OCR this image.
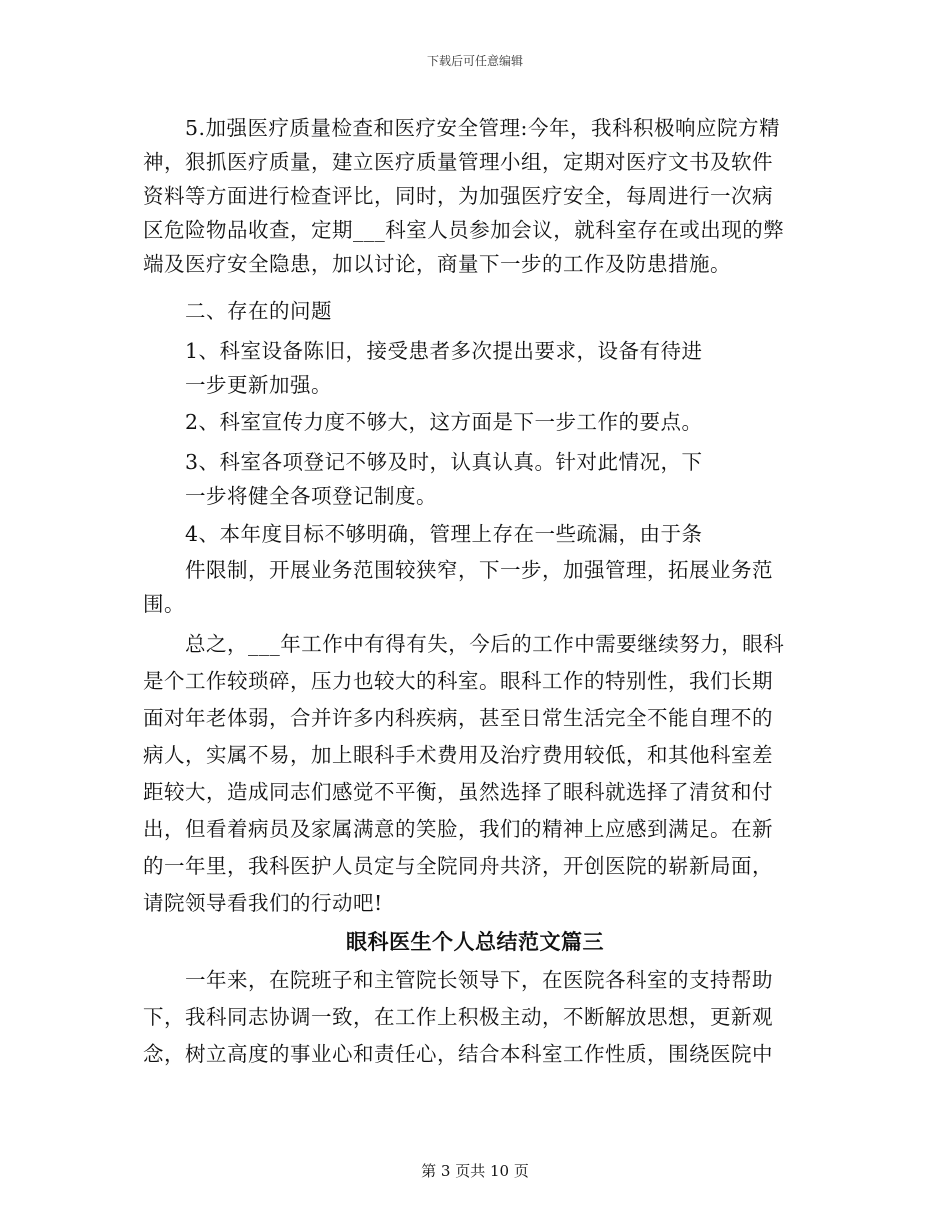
下载后可任意编辑
　　5.加强医疗质量检查和医疗安全管理:今年，我科积极响应院方精
神，狠抓医疗质量，建立医疗质量管理小组，定期对医疗文书及软件
资料等方面进行检查评比，同时，为加强医疗安全，每周进行一次病
区危险物品收查，定期___科室人员参加会议，就科室存在或出现的弊
端及医疗安全隐患，加以讨论，商量下一步的工作及防患措施。
　　二、存在的问题
　　1、科室设备陈旧，接受患者多次提出要求，设备有待进
　　一步更新加强。
　　2、科室宣传力度不够大，这方面是下一步工作的要点。
　　3、科室各项登记不够及时，认真认真。针对此情况，下
　　一步将健全各项登记制度。
　　4、本年度目标不够明确，管理上存在一些疏漏，由于条
　　件限制，开展业务范围较狭窄，下一步，加强管理，拓展业务范
围。
　　总之，___年工作中有得有失，今后的工作中需要继续努力，眼科
是个工作较琐碎，压力也较大的科室。眼科工作的特别性，我们长期
面对年老体弱，合并许多内科疾病，甚至日常生活完全不能自理不的
病人，实属不易，加上眼科手术费用及治疗费用较低，和其他科室差
距较大，造成同志们感觉不平衡，虽然选择了眼科就选择了清贫和付
出，但看着病员及家属满意的笑脸，我们的精神上应感到满足。在新
的一年里，我科医护人员定与全院同舟共济，开创医院的崭新局面，
请院领导看我们的行动吧!
眼科医生个人总结范文篇三
　　一年来，在院班子和主管院长领导下，在医院各科室的支持帮助
下，我科同志协调一致，在工作上积极主动，不断解放思想，更新观
念，树立高度的事业心和责任心，结合本科室工作性质，围绕医院中
第 3 页共 10 页
